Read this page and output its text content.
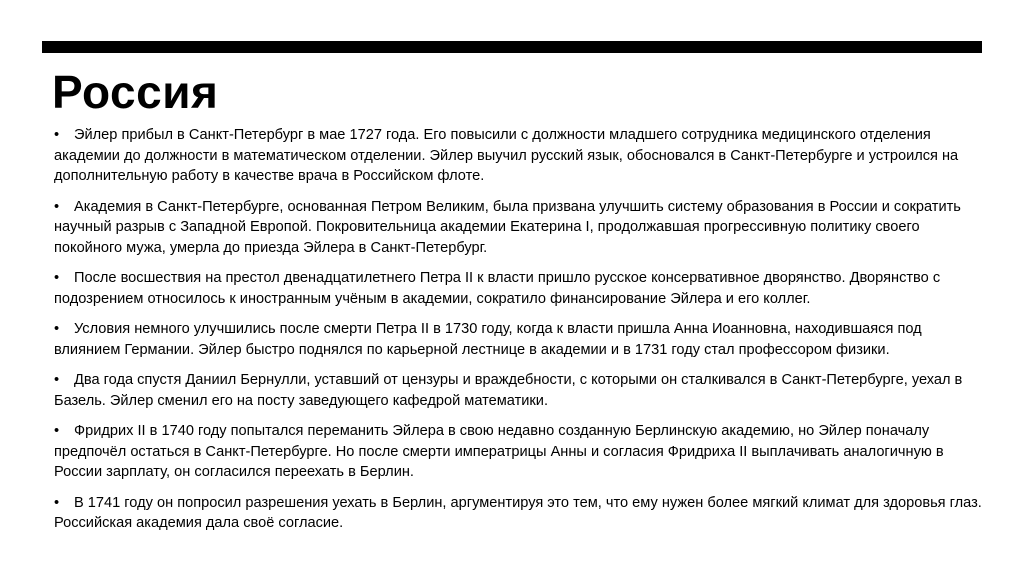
Россия
• Эйлер прибыл в Санкт-Петербург в мае 1727 года. Его повысили с должности младшего сотрудника медицинского отделения академии до должности в математическом отделении. Эйлер выучил русский язык, обосновался в Санкт-Петербурге и устроился на дополнительную работу в качестве врача в Российском флоте.
• Академия в Санкт-Петербурге, основанная Петром Великим, была призвана улучшить систему образования в России и сократить научный разрыв с Западной Европой. Покровительница академии Екатерина I, продолжавшая прогрессивную политику своего покойного мужа, умерла до приезда Эйлера в Санкт-Петербург.
• После восшествия на престол двенадцатилетнего Петра II к власти пришло русское консервативное дворянство. Дворянство с подозрением относилось к иностранным учёным в академии, сократило финансирование Эйлера и его коллег.
• Условия немного улучшились после смерти Петра II в 1730 году, когда к власти пришла Анна Иоанновна, находившаяся под влиянием Германии. Эйлер быстро поднялся по карьерной лестнице в академии и в 1731 году стал профессором физики.
• Два года спустя Даниил Бернулли, уставший от цензуры и враждебности, с которыми он сталкивался в Санкт-Петербурге, уехал в Базель. Эйлер сменил его на посту заведующего кафедрой математики.
• Фридрих II в 1740 году попытался переманить Эйлера в свою недавно созданную Берлинскую академию, но Эйлер поначалу предпочёл остаться в Санкт-Петербурге. Но после смерти императрицы Анны и согласия Фридриха II выплачивать аналогичную в России зарплату, он согласился переехать в Берлин.
• В 1741 году он попросил разрешения уехать в Берлин, аргументируя это тем, что ему нужен более мягкий климат для здоровья глаз. Российская академия дала своё согласие.
